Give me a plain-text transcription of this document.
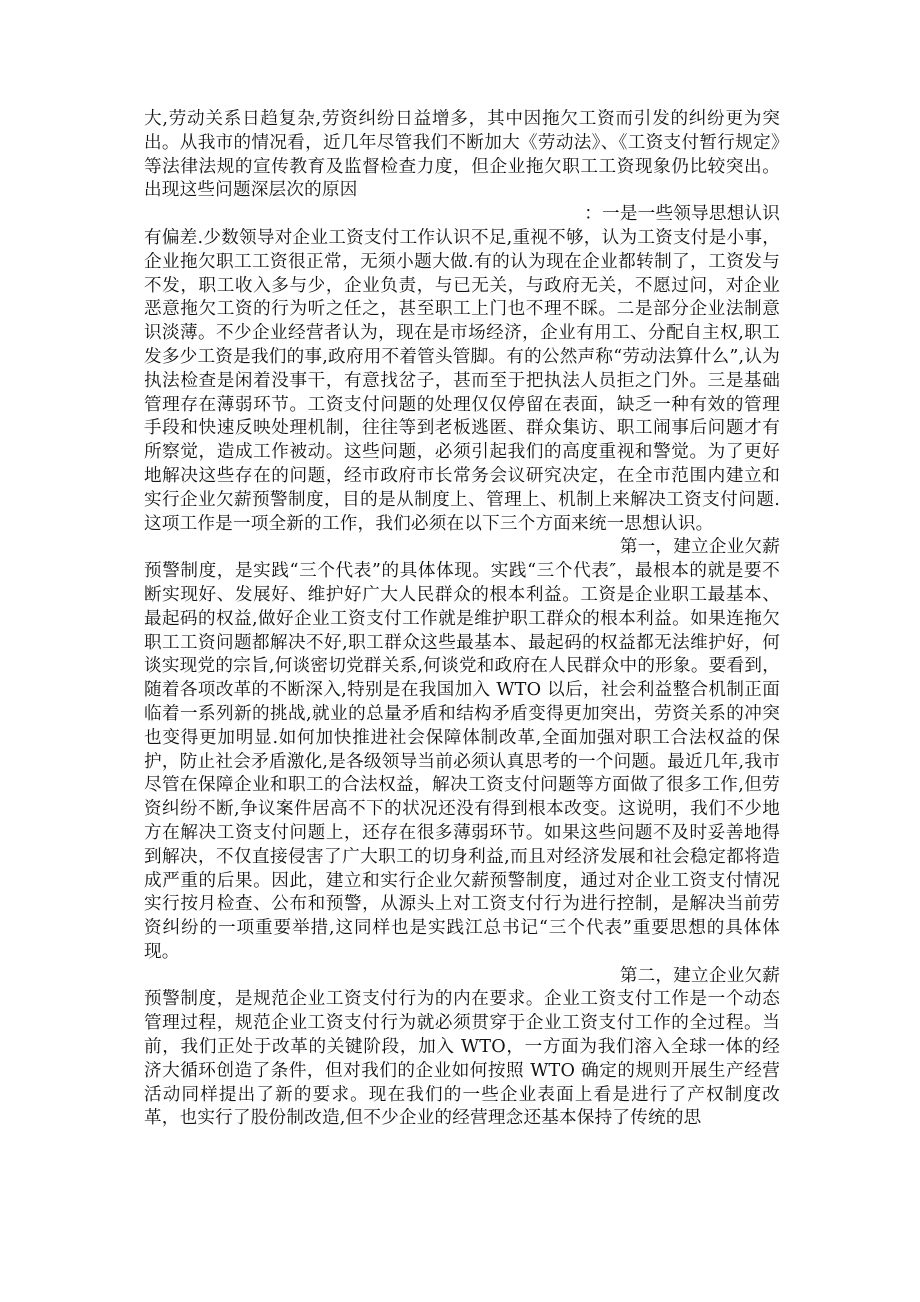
大,劳动关系日趋复杂,劳资纠纷日益增多，其中因拖欠工资而引发的纠纷更为突出。从我市的情况看，近几年尽管我们不断加大《劳动法》、《工资支付暂行规定》等法律法规的宣传教育及监督检查力度，但企业拖欠职工工资现象仍比较突出。出现这些问题深层次的原因

：一是一些领导思想认识
有偏差.少数领导对企业工资支付工作认识不足,重视不够，认为工资支付是小事，企业拖欠职工工资很正常，无须小题大做.有的认为现在企业都转制了，工资发与不发，职工收入多与少，企业负责，与已无关，与政府无关，不愿过问，对企业恶意拖欠工资的行为听之任之，甚至职工上门也不理不睬。二是部分企业法制意识淡薄。不少企业经营者认为，现在是市场经济，企业有用工、分配自主权,职工发多少工资是我们的事,政府用不着管头管脚。有的公然声称“劳动法算什么”,认为执法检查是闲着没事干，有意找岔子，甚而至于把执法人员拒之门外。三是基础管理存在薄弱环节。工资支付问题的处理仅仅停留在表面，缺乏一种有效的管理手段和快速反映处理机制，往往等到老板逃匿、群众集访、职工闹事后问题才有所察觉，造成工作被动。这些问题，必须引起我们的高度重视和警觉。为了更好地解决这些存在的问题，经市政府市长常务会议研究决定，在全市范围内建立和实行企业欠薪预警制度，目的是从制度上、管理上、机制上来解决工资支付问题.这项工作是一项全新的工作，我们必须在以下三个方面来统一思想认识。

第一，建立企业欠薪
预警制度，是实践“三个代表”的具体体现。实践“三个代表″，最根本的就是要不断实现好、发展好、维护好广大人民群众的根本利益。工资是企业职工最基本、最起码的权益,做好企业工资支付工作就是维护职工群众的根本利益。如果连拖欠职工工资问题都解决不好,职工群众这些最基本、最起码的权益都无法维护好，何谈实现党的宗旨,何谈密切党群关系,何谈党和政府在人民群众中的形象。要看到，随着各项改革的不断深入,特别是在我国加入 WTO 以后，社会利益整合机制正面临着一系列新的挑战,就业的总量矛盾和结构矛盾变得更加突出，劳资关系的冲突也变得更加明显.如何加快推进社会保障体制改革,全面加强对职工合法权益的保护，防止社会矛盾激化,是各级领导当前必须认真思考的一个问题。最近几年,我市尽管在保障企业和职工的合法权益，解决工资支付问题等方面做了很多工作,但劳资纠纷不断,争议案件居高不下的状况还没有得到根本改变。这说明，我们不少地方在解决工资支付问题上，还存在很多薄弱环节。如果这些问题不及时妥善地得到解决，不仅直接侵害了广大职工的切身利益,而且对经济发展和社会稳定都将造成严重的后果。因此，建立和实行企业欠薪预警制度，通过对企业工资支付情况实行按月检查、公布和预警，从源头上对工资支付行为进行控制，是解决当前劳资纠纷的一项重要举措,这同样也是实践江总书记“三个代表”重要思想的具体体现。

第二，建立企业欠薪
预警制度，是规范企业工资支付行为的内在要求。企业工资支付工作是一个动态管理过程，规范企业工资支付行为就必须贯穿于企业工资支付工作的全过程。当前，我们正处于改革的关键阶段，加入 WTO，一方面为我们溶入全球一体的经济大循环创造了条件，但对我们的企业如何按照 WTO 确定的规则开展生产经营活动同样提出了新的要求。现在我们的一些企业表面上看是进行了产权制度改革，也实行了股份制改造,但不少企业的经营理念还基本保持了传统的思
